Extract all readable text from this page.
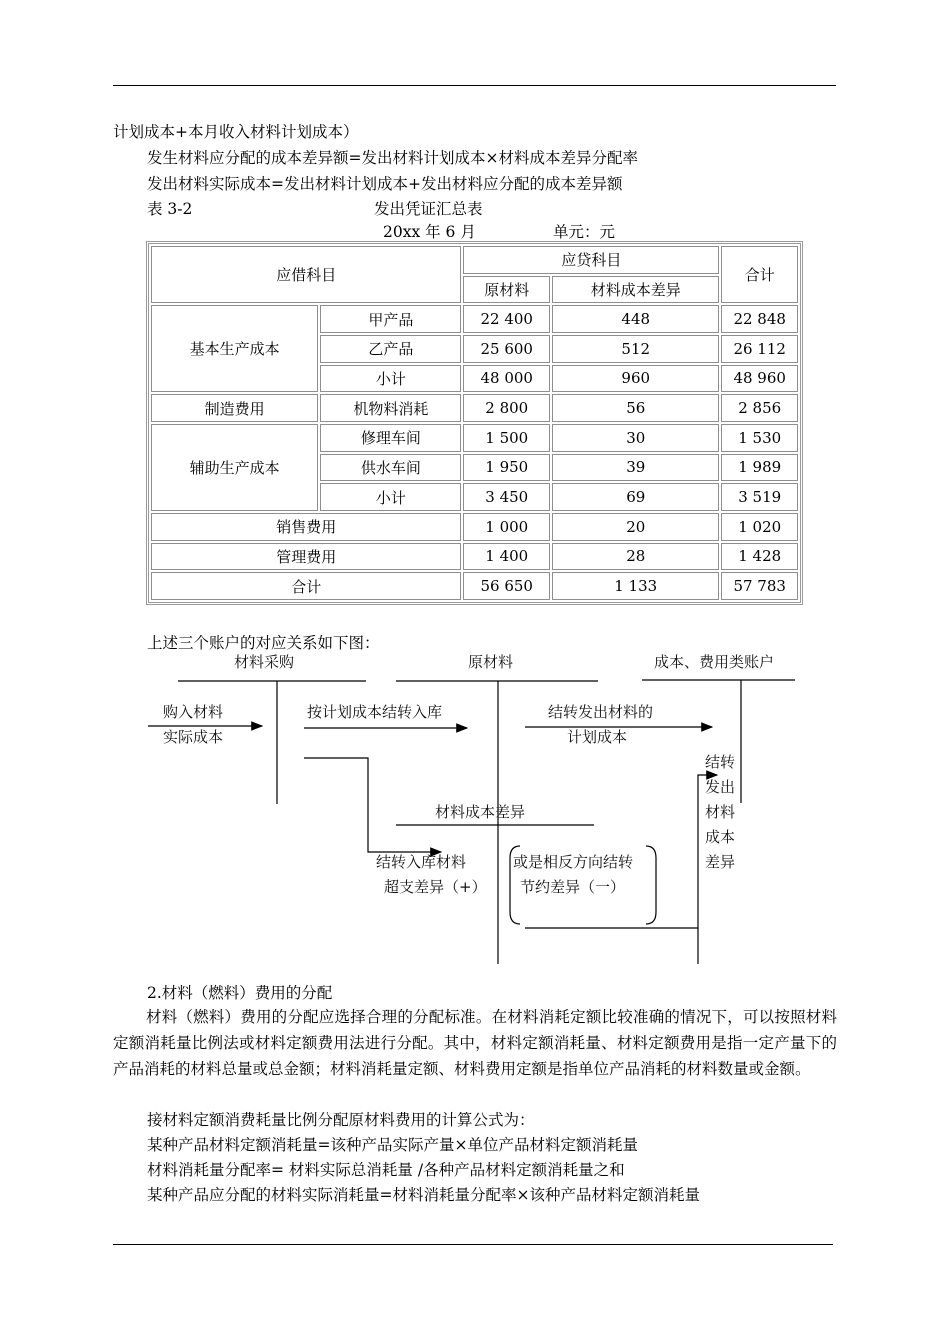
计划成本+本月收入材料计划成本）
发生材料应分配的成本差异额=发出材料计划成本×材料成本差异分配率
发出材料实际成本=发出材料计划成本+发出材料应分配的成本差异额
表 3-2	发出凭证汇总表
20xx 年 6 月	单元：元
应借科目		应贷科目		合计
		原材料	材料成本差异	
基本生产成本	甲产品	22 400	448	22 848
	乙产品	25 600	512	26 112
	小计	48 000	960	48 960
制造费用	机物料消耗	2 800	56	2 856
辅助生产成本	修理车间	1 500	30	1 530
	供水车间	1 950	39	1 989
	小计	3 450	69	3 519
销售费用		1 000	20	1 020
管理费用		1 400	28	1 428
合计		56 650	1 133	57 783
上述三个账户的对应关系如下图：
材料采购	原材料	成本、费用类账户
材料成本差异
购入材料
实际成本
按计划成本结转入库	结转发出材料的
计划成本
结转入库材料
超支差异（+）
或是相反方向结转
节约差异（一）
结转
发出
材料
成本
差异
2.材料（燃料）费用的分配
材料（燃料）费用的分配应选择合理的分配标准。在材料消耗定额比较准确的情况下，可以按照材料定额消耗量比例法或材料定额费用法进行分配。其中，材料定额消耗量、材料定额费用是指一定产量下的产品消耗的材料总量或总金额；材料消耗量定额、材料费用定额是指单位产品消耗的材料数量或金额。
接材料定额消费耗量比例分配原材料费用的计算公式为：
某种产品材料定额消耗量=该种产品实际产量×单位产品材料定额消耗量
材料消耗量分配率= 材料实际总消耗量 /各种产品材料定额消耗量之和
某种产品应分配的材料实际消耗量=材料消耗量分配率×该种产品材料定额消耗量
